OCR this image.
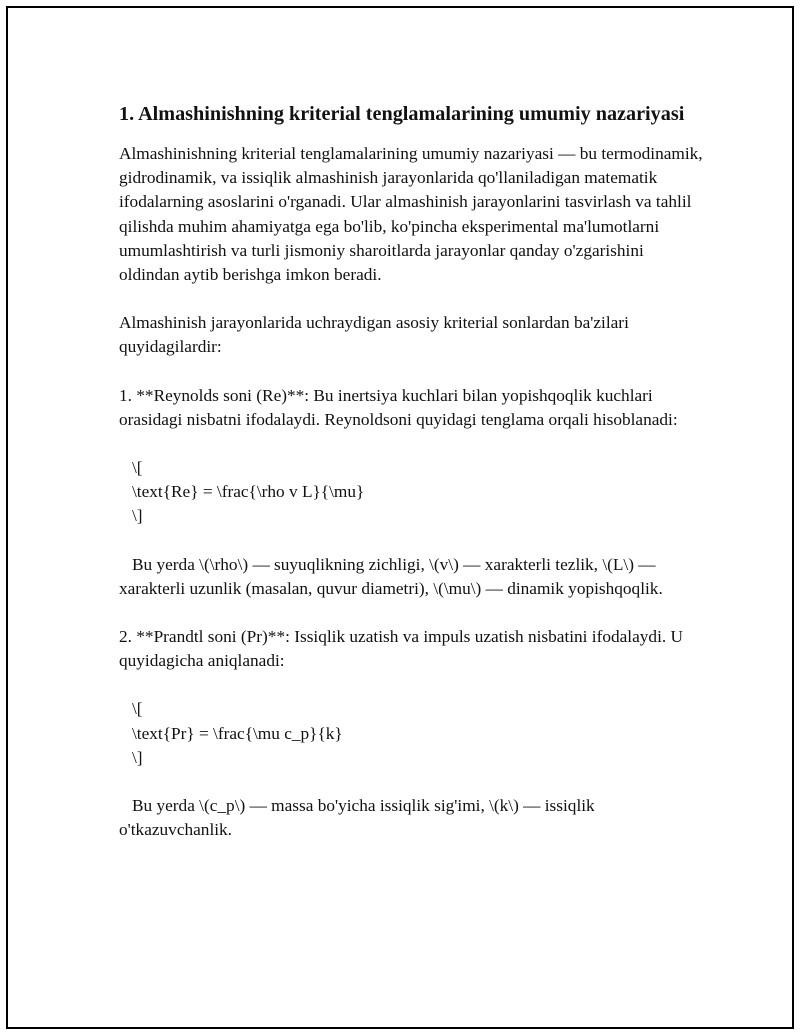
1. Almashinishning kriterial tenglamalarining umumiy nazariyasi

Almashinishning kriterial tenglamalarining umumiy nazariyasi — bu termodinamik, gidrodinamik, va issiqlik almashinish jarayonlarida qo'llaniladigan matematik ifodalarning asoslarini o'rganadi. Ular almashinish jarayonlarini tasvirlash va tahlil qilishda muhim ahamiyatga ega bo'lib, ko'pincha eksperimental ma'lumotlarni umumlashtirish va turli jismoniy sharoitlarda jarayonlar qanday o'zgarishini oldindan aytib berishga imkon beradi.

Almashinish jarayonlarida uchraydigan asosiy kriterial sonlardan ba'zilari quyidagilardir:

1. **Reynolds soni (Re)**: Bu inertsiya kuchlari bilan yopishqoqlik kuchlari orasidagi nisbatni ifodalaydi. Reynoldsoni quyidagi tenglama orqali hisoblanadi:

\[
\text{Re} = \frac{\rho v L}{\mu}
\]

Bu yerda \(\rho\) — suyuqlikning zichligi, \(v\) — xarakterli tezlik, \(L\) — xarakterli uzunlik (masalan, quvur diametri), \(\mu\) — dinamik yopishqoqlik.

2. **Prandtl soni (Pr)**: Issiqlik uzatish va impuls uzatish nisbatini ifodalaydi. U quyidagicha aniqlanadi:

\[
\text{Pr} = \frac{\mu c_p}{k}
\]

Bu yerda \(c_p\) — massa bo'yicha issiqlik sig'imi, \(k\) — issiqlik o'tkazuvchanlik.
